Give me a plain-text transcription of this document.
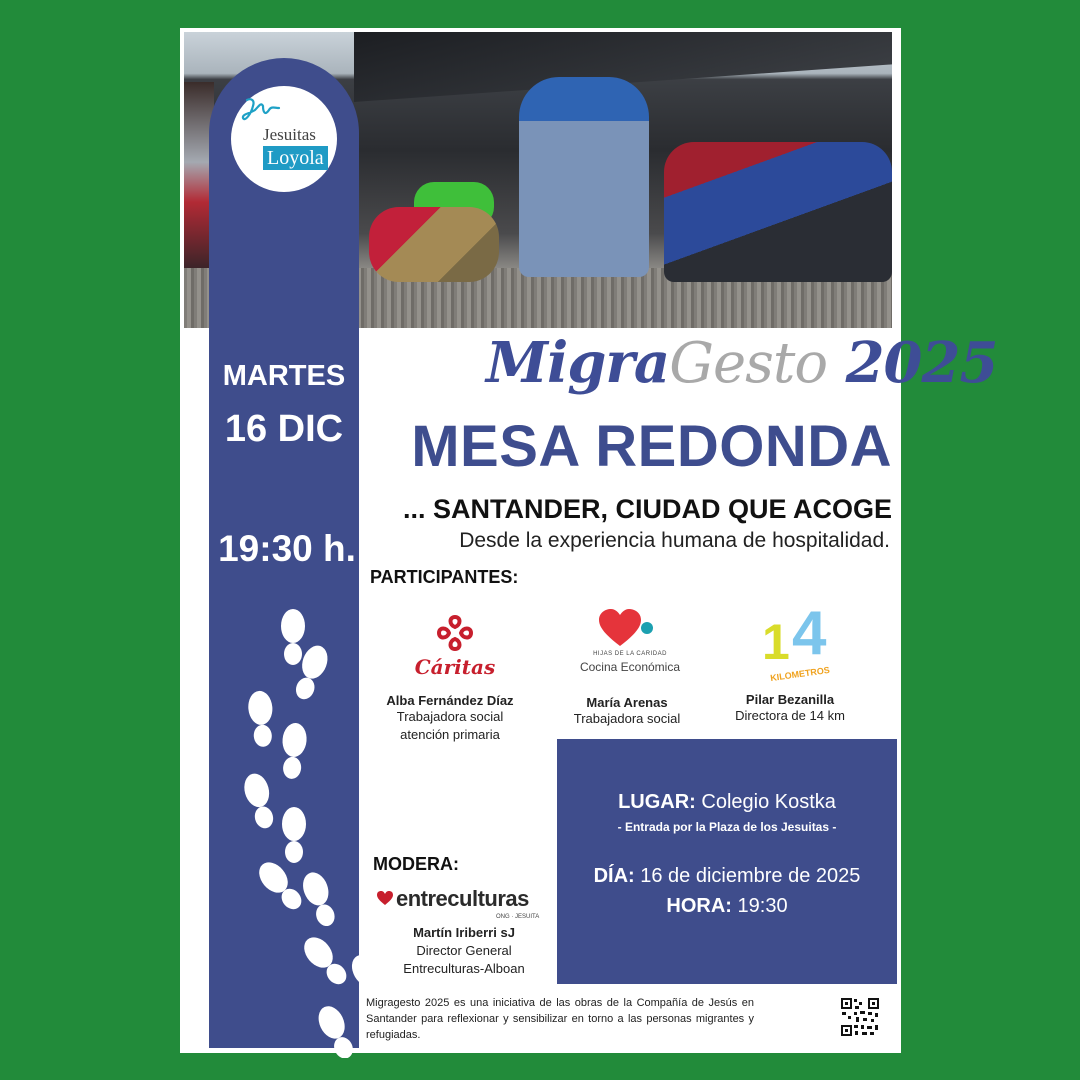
Jesuitas
Loyola
MARTES
16 DIC
19:30 h.
MigraGesto 2025
MESA REDONDA
... SANTANDER, CIUDAD QUE ACOGE
Desde la experiencia humana de hospitalidad.
PARTICIPANTES:
Cáritas
HIJAS DE LA CARIDAD
Cocina Económica 1 4
KILOMETROS
Alba Fernández Díaz
Trabajadora social
atención primaria
María Arenas
Trabajadora social
Pilar Bezanilla
Directora de 14 km
LUGAR: Colegio Kostka
- Entrada por la Plaza de los Jesuitas -
DÍA: 16 de diciembre de 2025
HORA: 19:30
MODERA:
entreculturas
ONG · JESUITA
Martín Iriberri sJ
Director General
Entreculturas-Alboan
Migragesto 2025 es una iniciativa de las obras de la Compañía de Jesús en Santander para reflexionar y sensibilizar en torno a las personas migrantes y refugiadas.
